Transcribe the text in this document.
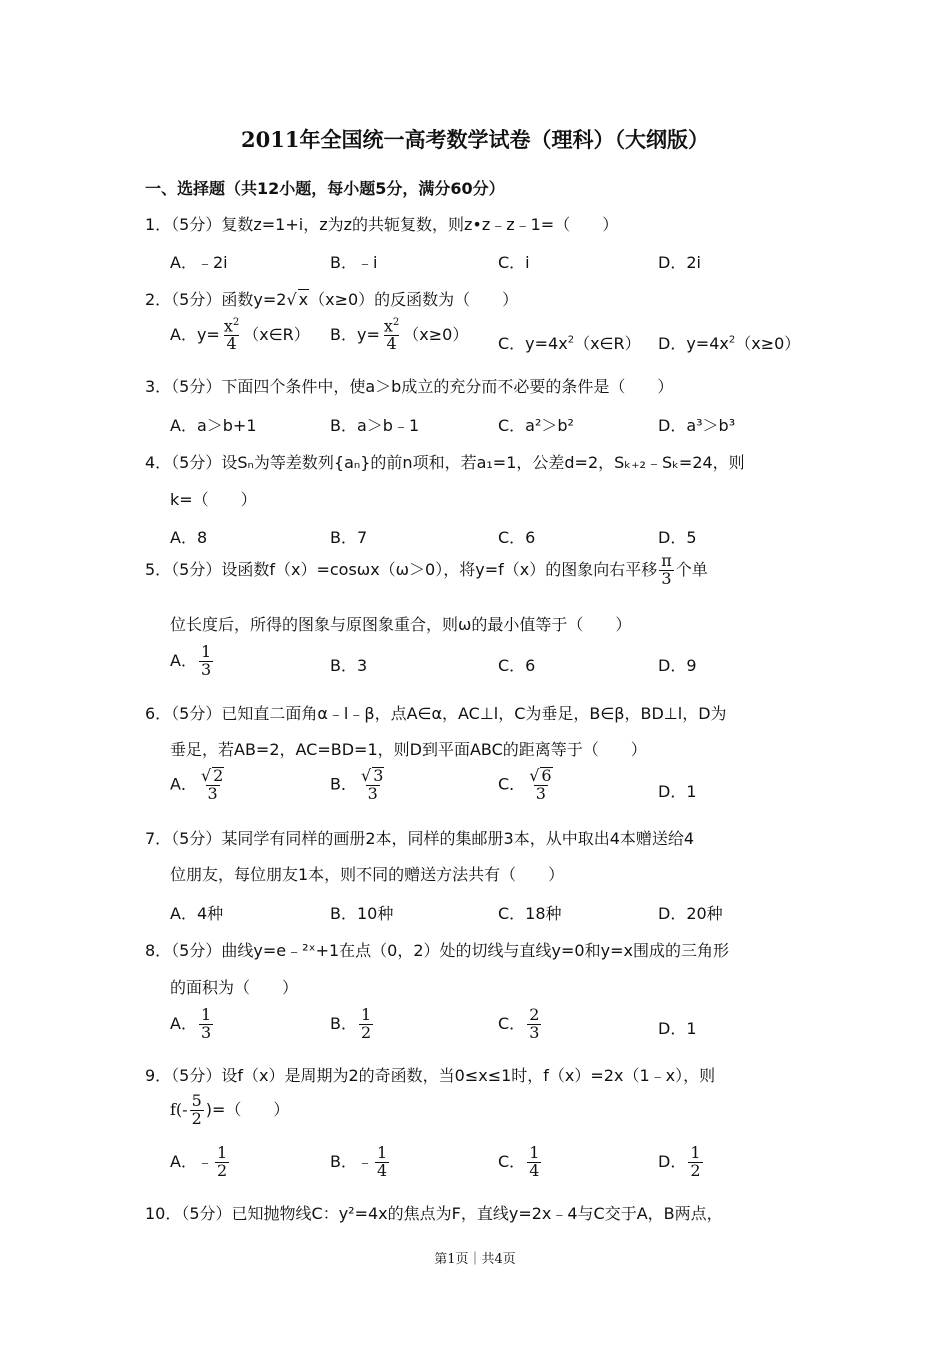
2011年全国统一高考数学试卷（理科）（大纲版）
一、选择题（共12小题，每小题5分，满分60分）
1．（5分）复数z=1+i，z为z的共轭复数，则z•z﹣z﹣1=（　　）
A．﹣2i	B．﹣i	C．i	D．2i
2．（5分）函数y=2√ x（x≥0）的反函数为（　　）
A．$y= \frac{x^2}{4}$ （x∈R） B．$y= \frac{x^2}{4} (x\ge 0)$ C．$y=4x^2(x\in R)$ D．$y=4x^2(x\ge 0)$
3．（5分）下面四个条件中，使a＞b成立的充分而不必要的条件是（　　）
A．a＞b+1	B．a＞b﹣1	C．a²＞b²	D．a³＞b³
4．（5分）设Sₙ为等差数列{aₙ}的前n项和，若a₁=1，公差d=2，Sₖ₊₂﹣Sₖ=24，则
k=（　　）
A．8	B．7	C．6	D．5
5．（5分）设函数f（x）=cosωx（ω＞0），将y=f（x）的图象向右平移 $\frac{\pi}{3}$ 个单
位长度后，所得的图象与原图象重合，则ω的最小值等于（　　）
A． $\frac{1}{3}$	B．3	C．6	D．9
6．（5分）已知直二面角α﹣l﹣β，点A∈α，AC⊥l，C为垂足，B∈β，BD⊥l，D为
垂足，若AB=2，AC=BD=1，则D到平面ABC的距离等于（　　）
A． $\frac{√ 2}{3}$	B． $\frac{√ 3}{3}$	C． $\frac{√ 6}{3}$	D．1
7．（5分）某同学有同样的画册2本，同样的集邮册3本，从中取出4本赠送给4
位朋友，每位朋友1本，则不同的赠送方法共有（　　）
A．4种	B．10种	C．18种	D．20种
8．（5分）曲线y=e﹣²ˣ+1在点（0，2）处的切线与直线y=0和y=x围成的三角形
的面积为（　　）
A． $\frac{1}{3}$	B． $\frac{1}{2}$	C． $\frac{2}{3}$	D．1
9．（5分）设f（x）是周期为2的奇函数，当0≤x≤1时，f（x）=2x（1﹣x），则
$f(- \frac{5}{2}$ )=（　　）
A．﹣ $\frac{1}{2}$	B．﹣ $\frac{1}{4}$	C． $\frac{1}{4}$	D． $\frac{1}{2}$
10．（5分）已知抛物线C：y²=4x的焦点为F，直线y=2x﹣4与C交于A，B两点，
第1页｜共4页
